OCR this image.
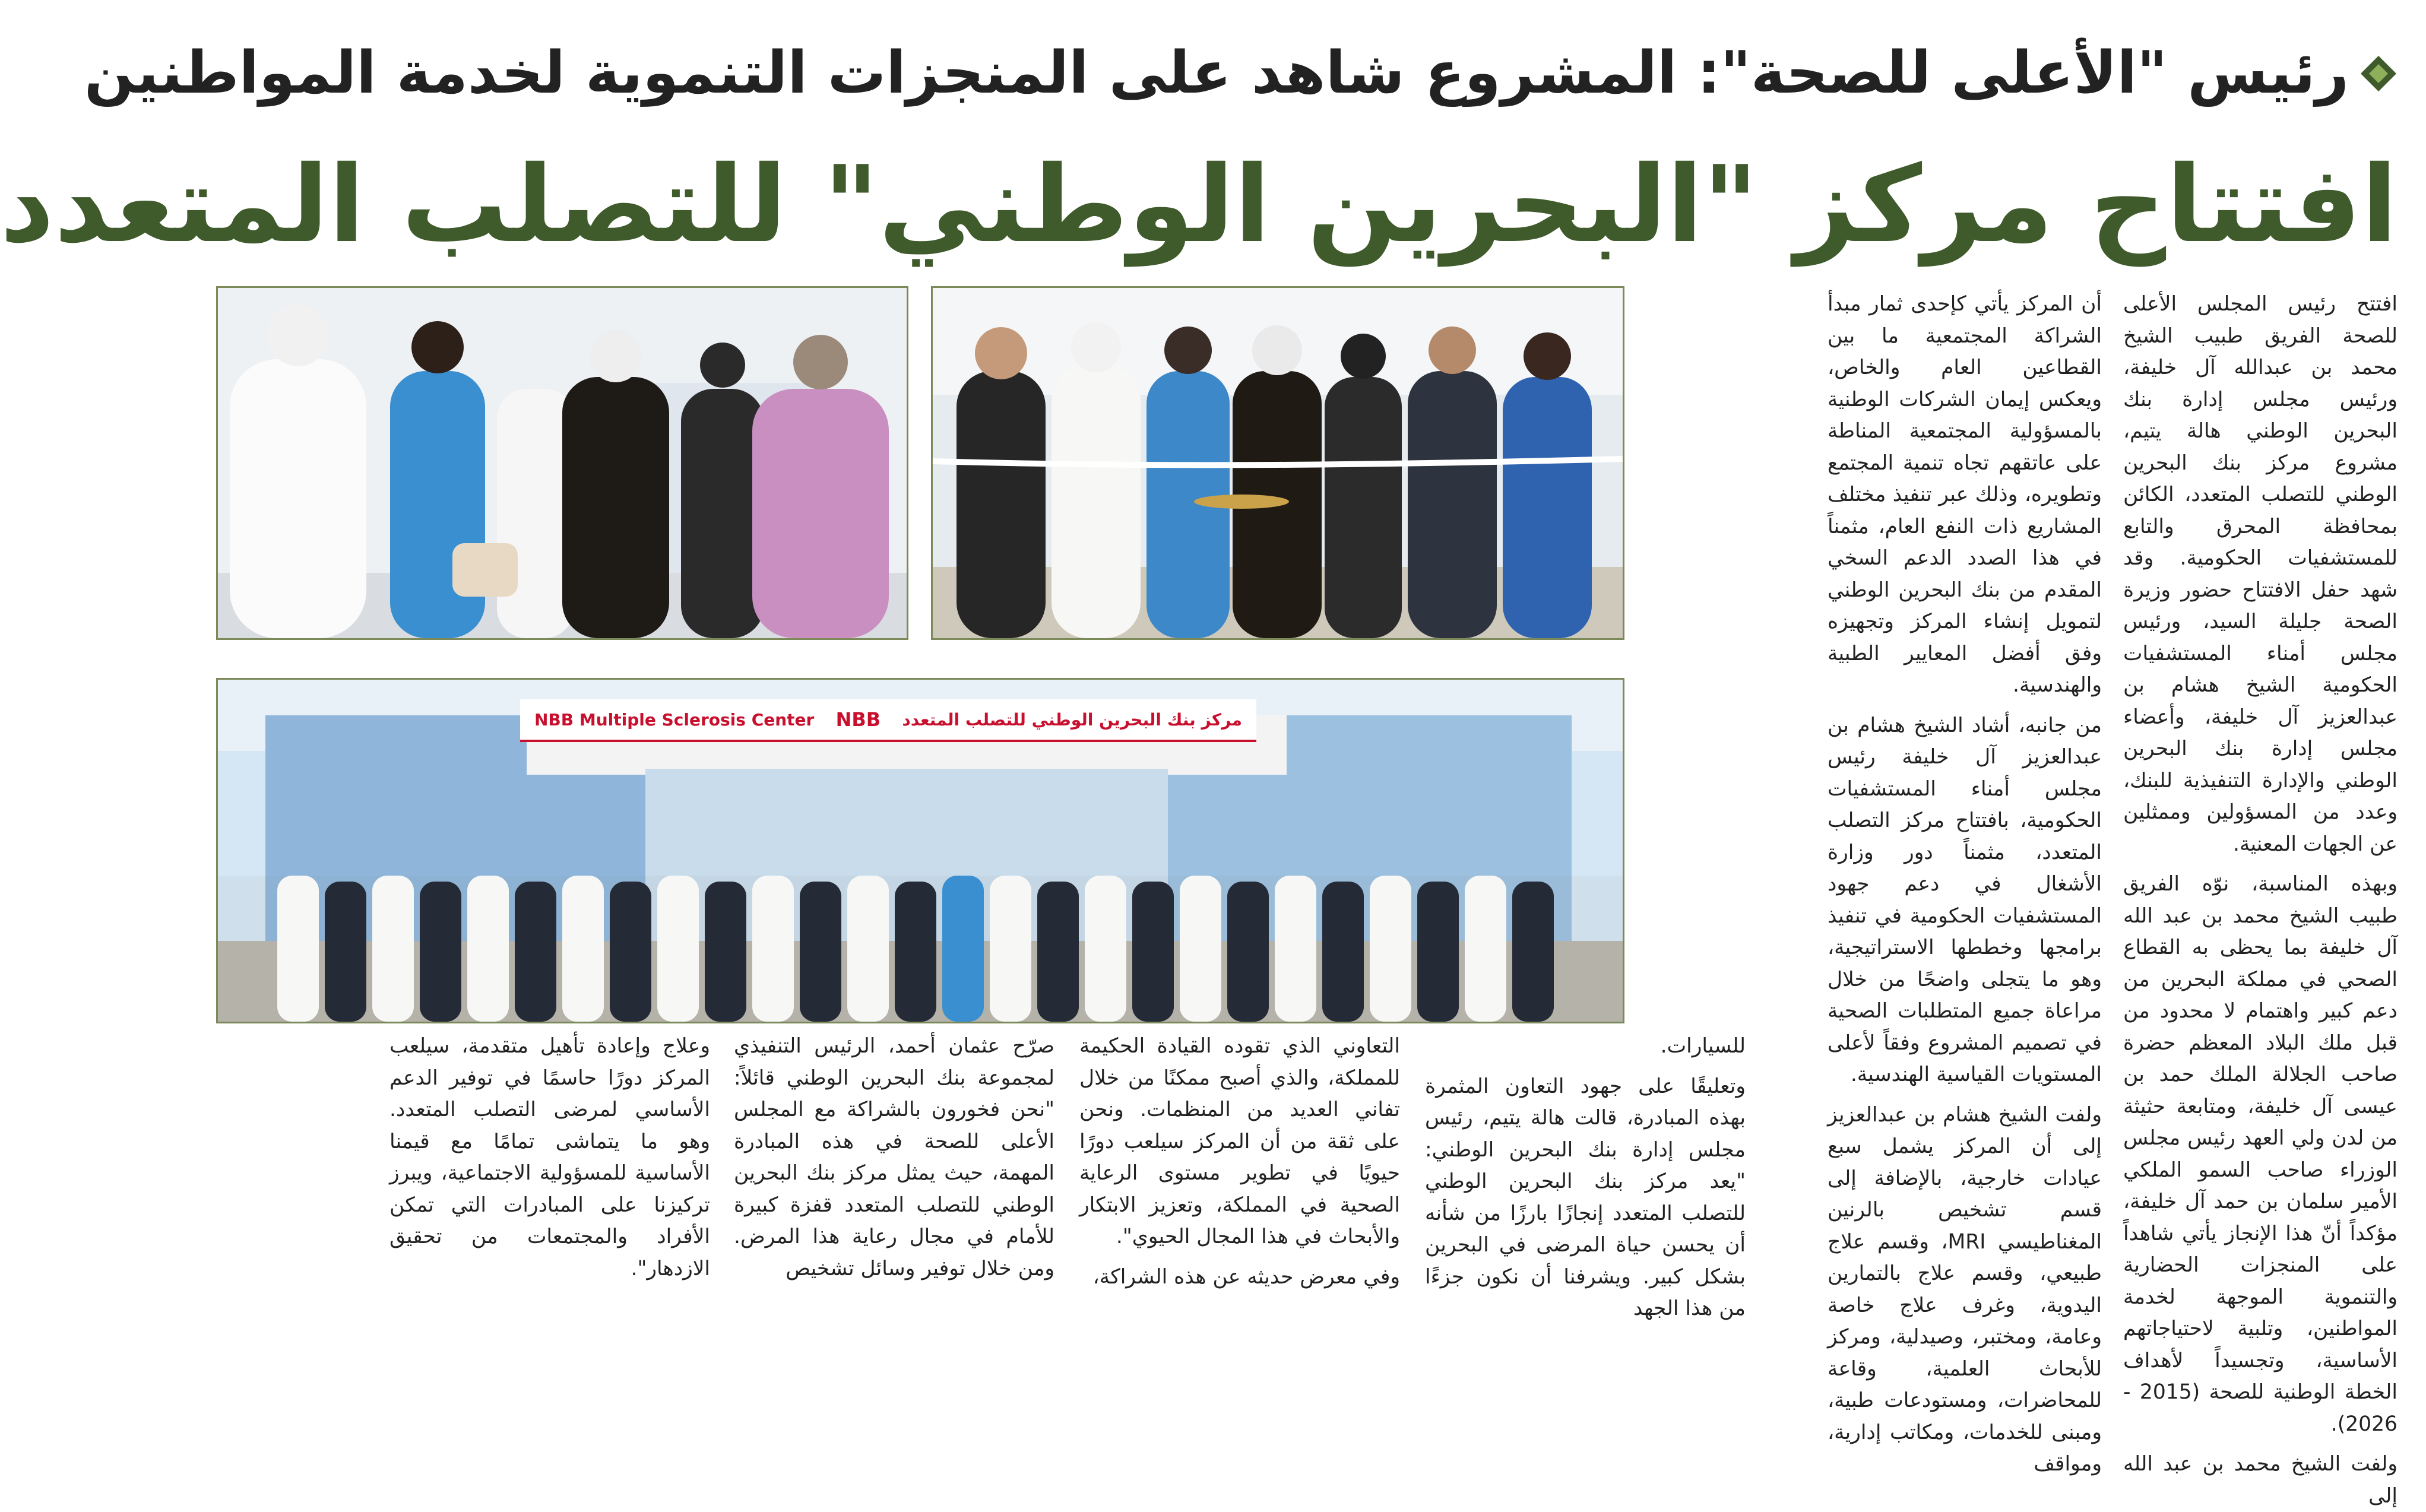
رئيس "الأعلى للصحة": المشروع شاهد على المنجزات التنموية لخدمة المواطنين
افتتاح مركز "البحرين الوطني" للتصلب المتعدد

افتتح رئيس المجلس الأعلى للصحة الفريق طبيب الشيخ محمد بن عبدالله آل خليفة، ورئيس مجلس إدارة بنك البحرين الوطني هالة يتيم، مشروع مركز بنك البحرين الوطني للتصلب المتعدد، الكائن بمحافظة المحرق والتابع للمستشفيات الحكومية. وقد شهد حفل الافتتاح حضور وزيرة الصحة جليلة السيد، ورئيس مجلس أمناء المستشفيات الحكومية الشيخ هشام بن عبدالعزيز آل خليفة، وأعضاء مجلس إدارة بنك البحرين الوطني والإدارة التنفيذية للبنك، وعدد من المسؤولين وممثلين عن الجهات المعنية.

وبهذه المناسبة، نوّه الفريق طبيب الشيخ محمد بن عبد الله آل خليفة بما يحظى به القطاع الصحي في مملكة البحرين من دعم كبير واهتمام لا محدود من قبل ملك البلاد المعظم حضرة صاحب الجلالة الملك حمد بن عيسى آل خليفة، ومتابعة حثيثة من لدن ولي العهد رئيس مجلس الوزراء صاحب السمو الملكي الأمير سلمان بن حمد آل خليفة، مؤكداً أنّ هذا الإنجاز يأتي شاهداً على المنجزات الحضارية والتنموية الموجهة لخدمة المواطنين، وتلبية لاحتياجاتهم الأساسية، وتجسيداً لأهداف الخطة الوطنية للصحة (2015 - 2026).

ولفت الشيخ محمد بن عبد الله إلى

أن المركز يأتي كإحدى ثمار مبدأ الشراكة المجتمعية ما بين القطاعين العام والخاص، ويعكس إيمان الشركات الوطنية بالمسؤولية المجتمعية المناطة على عاتقهم تجاه تنمية المجتمع وتطويره، وذلك عبر تنفيذ مختلف المشاريع ذات النفع العام، مثمناً في هذا الصدد الدعم السخي المقدم من بنك البحرين الوطني لتمويل إنشاء المركز وتجهيزه وفق أفضل المعايير الطبية والهندسية.

من جانبه، أشاد الشيخ هشام بن عبدالعزيز آل خليفة رئيس مجلس أمناء المستشفيات الحكومية، بافتتاح مركز التصلب المتعدد، مثمناً دور وزارة الأشغال في دعم جهود المستشفيات الحكومية في تنفيذ برامجها وخططها الاستراتيجية، وهو ما يتجلى واضحًا من خلال مراعاة جميع المتطلبات الصحية في تصميم المشروع وفقاً لأعلى المستويات القياسية الهندسية.

ولفت الشيخ هشام بن عبدالعزيز إلى أن المركز يشمل سبع عيادات خارجية، بالإضافة إلى قسم تشخيص بالرنين المغناطيسي MRI، وقسم علاج طبيعي، وقسم علاج بالتمارين اليدوية، وغرف علاج خاصة وعامة، ومختبر، وصيدلية، ومركز للأبحاث العلمية، وقاعة للمحاضرات، ومستودعات طبية، ومبنى للخدمات، ومكاتب إدارية، ومواقف

NBB Multiple Sclerosis Center NBB مركز بنك البحرين الوطني للتصلب المتعدد

للسيارات.

وتعليقًا على جهود التعاون المثمرة بهذه المبادرة، قالت هالة يتيم، رئيس مجلس إدارة بنك البحرين الوطني: "يعد مركز بنك البحرين الوطني للتصلب المتعدد إنجازًا بارزًا من شأنه أن يحسن حياة المرضى في البحرين بشكل كبير. ويشرفنا أن نكون جزءًا من هذا الجهد

التعاوني الذي تقوده القيادة الحكيمة للمملكة، والذي أصبح ممكنًا من خلال تفاني العديد من المنظمات. ونحن على ثقة من أن المركز سيلعب دورًا حيويًا في تطوير مستوى الرعاية الصحية في المملكة، وتعزيز الابتكار والأبحاث في هذا المجال الحيوي".

وفي معرض حديثه عن هذه الشراكة،

صرّح عثمان أحمد، الرئيس التنفيذي لمجموعة بنك البحرين الوطني قائلاً: "نحن فخورون بالشراكة مع المجلس الأعلى للصحة في هذه المبادرة المهمة، حيث يمثل مركز بنك البحرين الوطني للتصلب المتعدد قفزة كبيرة للأمام في مجال رعاية هذا المرض. ومن خلال توفير وسائل تشخيص

وعلاج وإعادة تأهيل متقدمة، سيلعب المركز دورًا حاسمًا في توفير الدعم الأساسي لمرضى التصلب المتعدد. وهو ما يتماشى تمامًا مع قيمنا الأساسية للمسؤولية الاجتماعية، ويبرز تركيزنا على المبادرات التي تمكن الأفراد والمجتمعات من تحقيق الازدهار".
